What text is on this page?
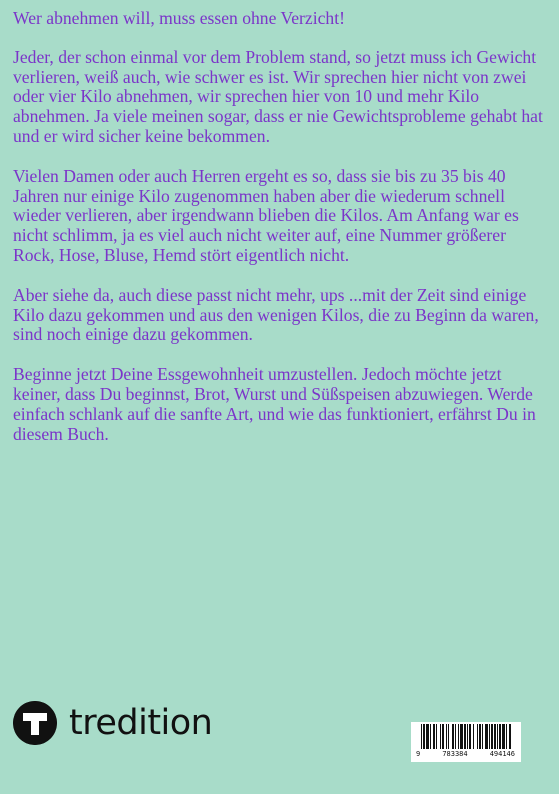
Wer abnehmen will, muss essen ohne Verzicht!

Jeder, der schon einmal vor dem Problem stand, so jetzt muss ich Gewicht verlieren, weiß auch, wie schwer es ist. Wir sprechen hier nicht von zwei oder vier Kilo abnehmen, wir sprechen hier von 10 und mehr Kilo abnehmen. Ja viele meinen sogar, dass er nie Gewichtsprobleme gehabt hat und er wird sicher keine bekommen.

Vielen Damen oder auch Herren ergeht es so, dass sie bis zu 35 bis 40 Jahren nur einige Kilo zugenommen haben aber die wiederum schnell wieder verlieren, aber irgendwann blieben die Kilos. Am Anfang war es nicht schlimm, ja es viel auch nicht weiter auf, eine Nummer größerer Rock, Hose, Bluse, Hemd stört eigentlich nicht.

Aber siehe da, auch diese passt nicht mehr, ups ...mit der Zeit sind einige Kilo dazu gekommen und aus den wenigen Kilos, die zu Beginn da waren, sind noch einige dazu gekommen.

Beginne jetzt Deine Essgewohnheit umzustellen. Jedoch möchte jetzt keiner, dass Du beginnst, Brot, Wurst und Süßspeisen abzuwiegen. Werde einfach schlank auf die sanfte Art, und wie das funktioniert, erfährst Du in diesem Buch.

tredition
9	783384	494146
